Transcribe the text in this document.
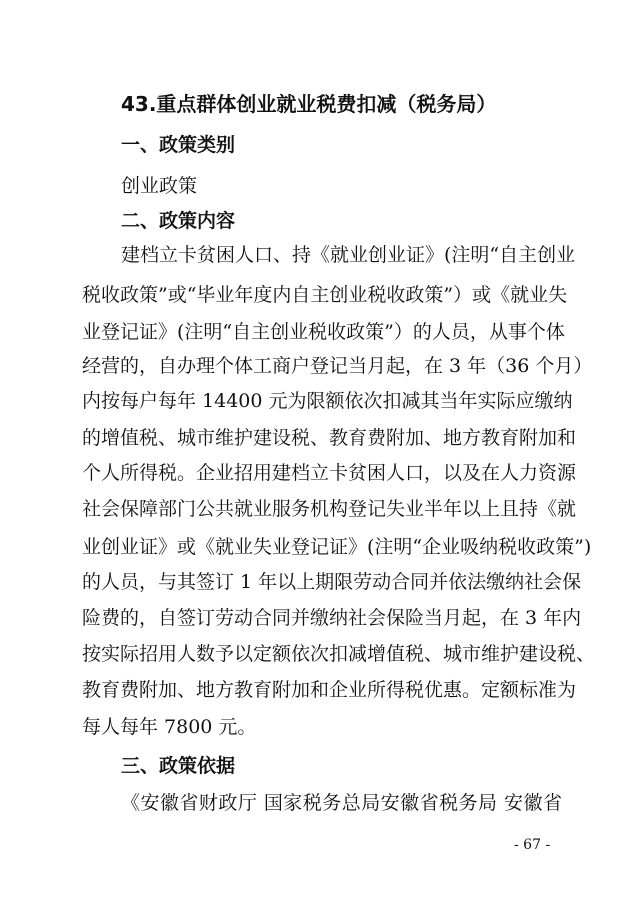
43.重点群体创业就业税费扣减（税务局）
一、政策类别
创业政策
二、政策内容
建档立卡贫困人口、持《就业创业证》(注明“自主创业
税收政策”或“毕业年度内自主创业税收政策”）或《就业失
业登记证》(注明“自主创业税收政策”）的人员，从事个体
经营的，自办理个体工商户登记当月起，在 3 年（36 个月）
内按每户每年 14400 元为限额依次扣减其当年实际应缴纳
的增值税、城市维护建设税、教育费附加、地方教育附加和
个人所得税。企业招用建档立卡贫困人口，以及在人力资源
社会保障部门公共就业服务机构登记失业半年以上且持《就
业创业证》或《就业失业登记证》(注明“企业吸纳税收政策”)
的人员，与其签订 1 年以上期限劳动合同并依法缴纳社会保
险费的，自签订劳动合同并缴纳社会保险当月起，在 3 年内
按实际招用人数予以定额依次扣减增值税、城市维护建设税、
教育费附加、地方教育附加和企业所得税优惠。定额标准为
每人每年 7800 元。
三、政策依据
《安徽省财政厅 国家税务总局安徽省税务局 安徽省
- 67 -
